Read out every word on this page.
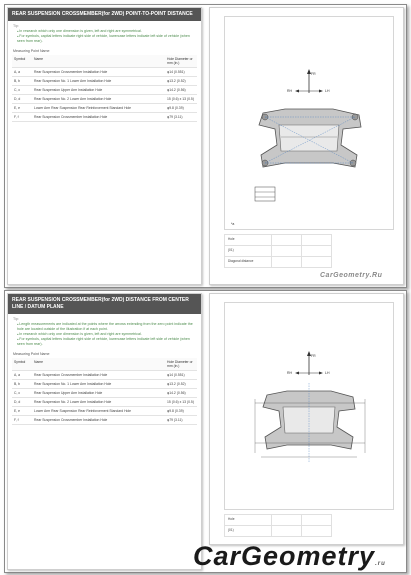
REAR SUSPENSION CROSSMEMBER(for 2WD) POINT-TO-POINT DISTANCE
Tip:
● In research which only one dimension is given, left and right are symmetrical.
● For symbols, capital letters indicate right side of vehicle, lowercase letters indicate left side of vehicle (when seen from rear).
Measuring Point Name
Symbol	Name	Hole Diameter or mm (in.)
A, a	Rear Suspension Crossmember Installation Hole	φ14 (0.551)
B, b	Rear Suspension No. 1 Lower Arm Installation Hole	φ13.2 (0.52)
C, c	Rear Suspension Upper Arm Installation Hole	φ14.2 (0.56)
D, d	Rear Suspension No. 2 Lower Arm Installation Hole	15 (0.6) x 13 (0.5)
E, e	Lower Arm Rear Suspension Rear Reinforcement Standard Hole	φ9.8 (0.39)
F, f	Rear Suspension Crossmember Installation Hole	φ79 (3.11)
FR
RH	LH
*a
Hole		
(01)		
Diagonal distance		
CarGeometry.Ru
REAR SUSPENSION CROSSMEMBER(for 2WD) DISTANCE FROM CENTER LINE / DATUM PLANE
Tip:
● Length measurements are indicated at the points where the arrows extending from the zero point indicate the hole are located outside of the illustration if at each point.
● In research which only one dimension is given, left and right are symmetrical.
● For symbols, capital letters indicate right side of vehicle, lowercase letters indicate left side of vehicle (when seen from rear).
Measuring Point Name
Symbol	Name	Hole Diameter or mm (in.)
A, a	Rear Suspension Crossmember Installation Hole	φ14 (0.551)
B, b	Rear Suspension No. 1 Lower Arm Installation Hole	φ13.2 (0.52)
C, c	Rear Suspension Upper Arm Installation Hole	φ14.2 (0.56)
D, d	Rear Suspension No. 2 Lower Arm Installation Hole	15 (0.6) x 13 (0.5)
E, e	Lower Arm Rear Suspension Rear Reinforcement Standard Hole	φ9.8 (0.39)
F, f	Rear Suspension Crossmember Installation Hole	φ79 (3.11)
FR
RH	LH
Hole		
(01)		
CarGeometry.ru
